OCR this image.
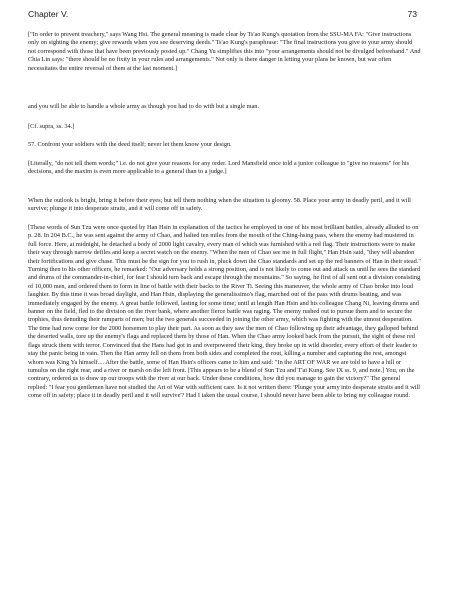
Chapter V.	73

["In order to prevent treachery," says Wang Hsi. The general meaning is made clear by Ts'ao Kung's quotation from the SSU-MA FA: "Give instructions only on sighting the enemy; give rewards when you see deserving deeds." Ts'ao Kung's paraphrase: "The final instructions you give to your army should not correspond with those that have been previously posted up." Chang Yu simplifies this into "your arrangements should not be divulged beforehand." And Chia Lin says: "there should be no fixity in your rules and arrangements." Not only is there danger in letting your plans be known, but war often necessitates the entire reversal of them at the last moment.]

and you will be able to handle a whole army as though you had to do with but a single man.

[Cf. supra, ss. 34.]

57. Confront your soldiers with the deed itself; never let them know your design.

[Literally, "do not tell them words;" i.e. do not give your reasons for any order. Lord Mansfield once told a junior colleague to "give no reasons" for his decisions, and the maxim is even more applicable to a general than to a judge.]

When the outlook is bright, bring it before their eyes; but tell them nothing when the situation is gloomy. 58. Place your army in deadly peril, and it will survive; plunge it into desperate straits, and it will come off in safety.

[These words of Sun Tzu were once quoted by Han Hsin in explanation of the tactics he employed in one of his most brilliant battles, already alluded to on p. 28. In 204 B.C., he was sent against the army of Chao, and halted ten miles from the mouth of the Ching-hsing pass, where the enemy had mustered in full force. Here, at midnight, he detached a body of 2000 light cavalry, every man of which was furnished with a red flag. Their instructions were to make their way through narrow defiles and keep a secret watch on the enemy. "When the men of Chao see me in full flight," Han Hsin said, "they will abandon their fortifications and give chase. This must be the sign for you to rush in, pluck down the Chao standards and set up the red banners of Han in their stead." Turning then to his other officers, he remarked: "Our adversary holds a strong position, and is not likely to come out and attack us until he sees the standard and drums of the commander-in-chief, for fear I should turn back and escape through the mountains." So saying, he first of all sent out a division consisting of 10,000 men, and ordered them to form in line of battle with their backs to the River Ti. Seeing this maneuver, the whole army of Chao broke into loud laughter. By this time it was broad daylight, and Han Hsin, displaying the generalissimo's flag, marched out of the pass with drums beating, and was immediately engaged by the enemy. A great battle followed, lasting for some time; until at length Han Hsin and his colleague Chang Ni, leaving drums and banner on the field, fled to the division on the river bank, where another fierce battle was raging. The enemy rushed out to pursue them and to secure the trophies, thus denuding their ramparts of men; but the two generals succeeded in joining the other army, which was fighting with the utmost desperation. The time had now come for the 2000 horsemen to play their part. As soon as they saw the men of Chao following up their advantage, they galloped behind the deserted walls, tore up the enemy's flags and replaced them by those of Han. When the Chao army looked back from the pursuit, the sight of these red flags struck them with terror. Convinced that the Hans had got in and overpowered their king, they broke up in wild disorder, every effort of their leader to stay the panic being in vain. Then the Han army fell on them from both sides and completed the rout, killing a number and capturing the rest, amongst whom was King Ya himself.... After the battle, some of Han Hsin's officers came to him and said: "In the ART OF WAR we are told to have a hill or tumulus on the right rear, and a river or marsh on the left front. [This appears to be a blend of Sun Tzu and T'ai Kung. See IX ss. 9, and note.] You, on the contrary, ordered us to draw up our troops with the river at our back. Under these conditions, how did you manage to gain the victory?" The general replied: "I fear you gentlemen have not studied the Art of War with sufficient care. Is it not written there: 'Plunge your army into desperate straits and it will come off in safety; place it in deadly peril and it will survive'? Had I taken the usual course, I should never have been able to bring my colleague round.
